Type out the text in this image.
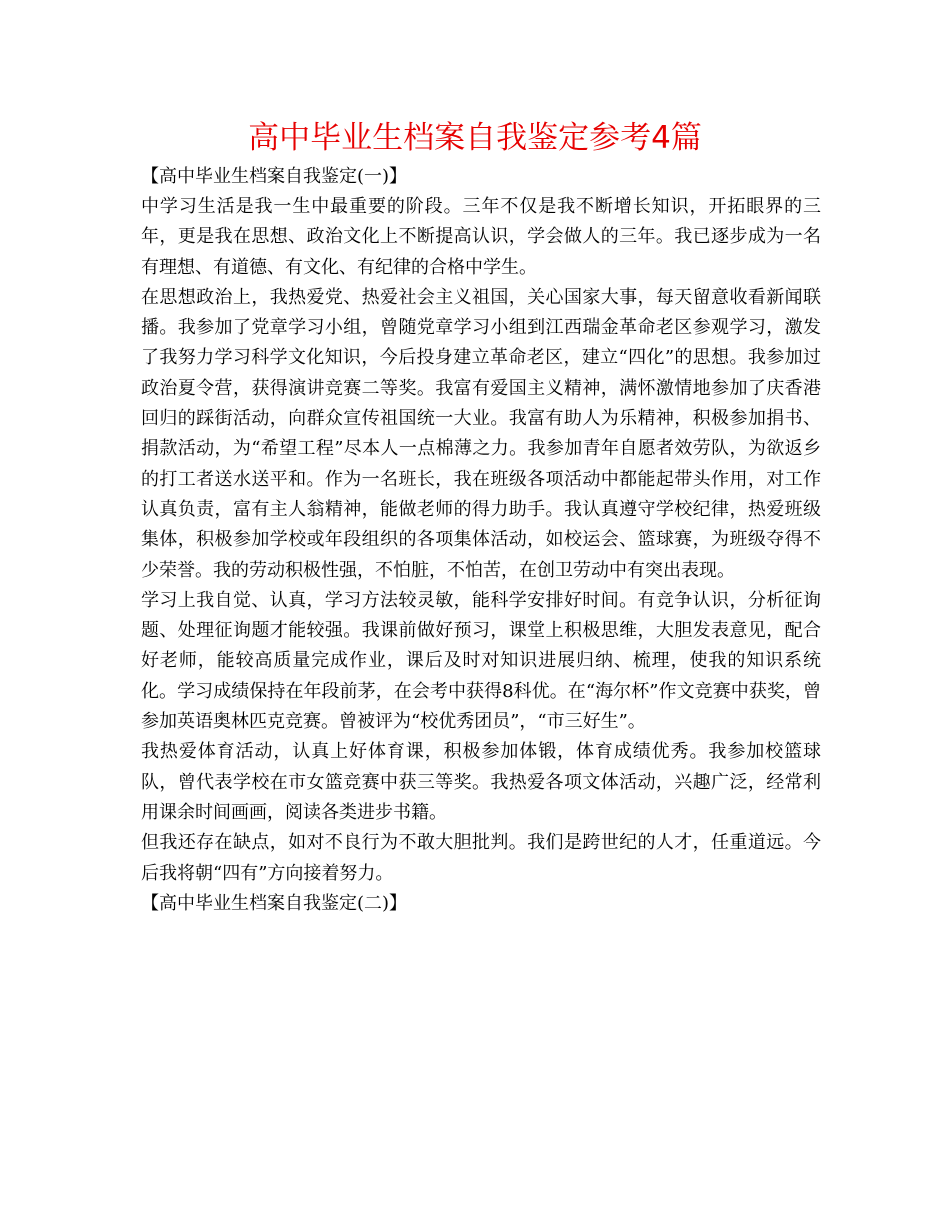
高中毕业生档案自我鉴定参考4篇

【高中毕业生档案自我鉴定(一)】

中学习生活是我一生中最重要的阶段。三年不仅是我不断增长知识，开拓眼界的三年，更是我在思想、政治文化上不断提高认识，学会做人的三年。我已逐步成为一名有理想、有道德、有文化、有纪律的合格中学生。

在思想政治上，我热爱党、热爱社会主义祖国，关心国家大事，每天留意收看新闻联播。我参加了党章学习小组，曾随党章学习小组到江西瑞金革命老区参观学习，激发了我努力学习科学文化知识，今后投身建立革命老区，建立“四化”的思想。我参加过政治夏令营，获得演讲竞赛二等奖。我富有爱国主义精神，满怀激情地参加了庆香港回归的踩街活动，向群众宣传祖国统一大业。我富有助人为乐精神，积极参加捐书、捐款活动，为“希望工程”尽本人一点棉薄之力。我参加青年自愿者效劳队，为欲返乡的打工者送水送平和。作为一名班长，我在班级各项活动中都能起带头作用，对工作认真负责，富有主人翁精神，能做老师的得力助手。我认真遵守学校纪律，热爱班级集体，积极参加学校或年段组织的各项集体活动，如校运会、篮球赛，为班级夺得不少荣誉。我的劳动积极性强，不怕脏，不怕苦，在创卫劳动中有突出表现。

学习上我自觉、认真，学习方法较灵敏，能科学安排好时间。有竞争认识，分析征询题、处理征询题才能较强。我课前做好预习，课堂上积极思维，大胆发表意见，配合好老师，能较高质量完成作业，课后及时对知识进展归纳、梳理，使我的知识系统化。学习成绩保持在年段前茅，在会考中获得8科优。在“海尔杯”作文竞赛中获奖，曾参加英语奥林匹克竞赛。曾被评为“校优秀团员”，“市三好生”。

我热爱体育活动，认真上好体育课，积极参加体锻，体育成绩优秀。我参加校篮球队，曾代表学校在市女篮竞赛中获三等奖。我热爱各项文体活动，兴趣广泛，经常利用课余时间画画，阅读各类进步书籍。

但我还存在缺点，如对不良行为不敢大胆批判。我们是跨世纪的人才，任重道远。今后我将朝“四有”方向接着努力。

【高中毕业生档案自我鉴定(二)】
